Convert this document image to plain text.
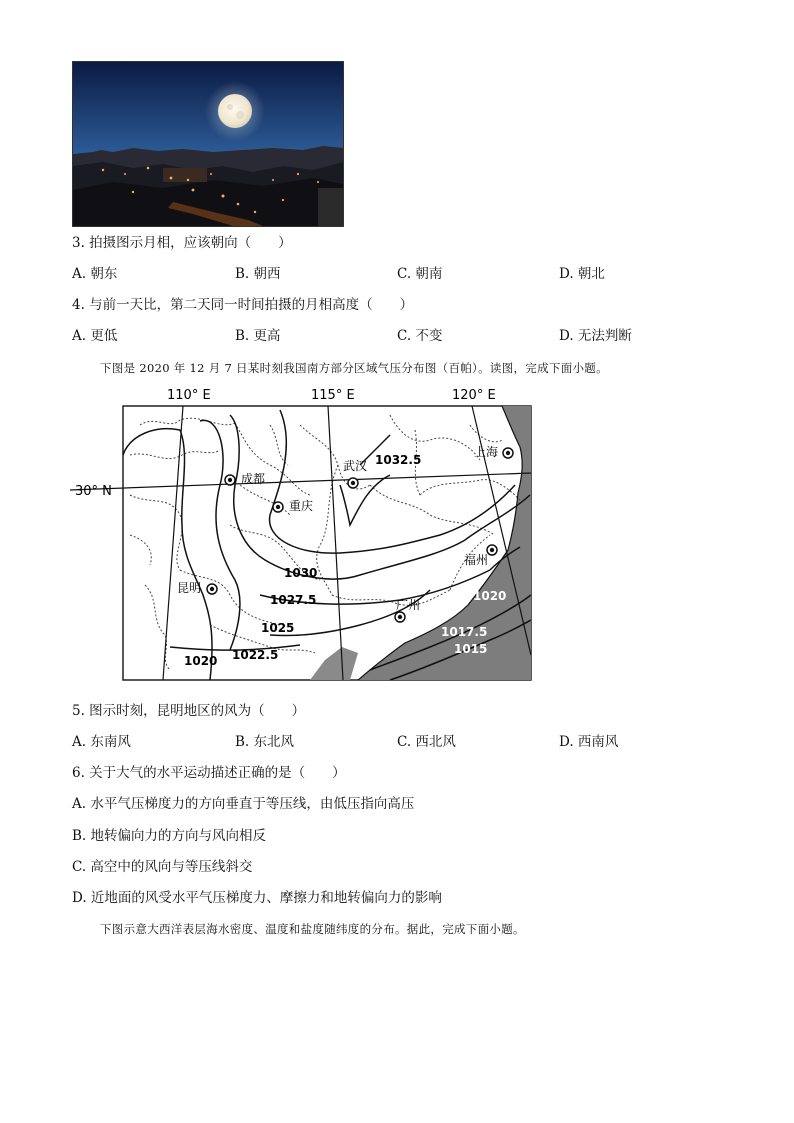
3. 拍摄图示月相，应该朝向（　　）
A. 朝东	B. 朝西	C. 朝南	D. 朝北
4. 与前一天比，第二天同一时间拍摄的月相高度（　　）
A. 更低	B. 更高	C. 不变	D. 无法判断
下图是 2020 年 12 月 7 日某时刻我国南方部分区域气压分布图（百帕）。读图，完成下面小题。
110° E	115° E	120° E
30° N
成都
重庆
武汉
上海
福州
昆明
广州
1032.5
1030
1027.5
1025
1022.5
1020
1020
1017.5
1015
5. 图示时刻，昆明地区的风为（　　）
A. 东南风	B. 东北风	C. 西北风	D. 西南风
6. 关于大气的水平运动描述正确的是（　　）
A. 水平气压梯度力的方向垂直于等压线，由低压指向高压
B. 地转偏向力的方向与风向相反
C. 高空中的风向与等压线斜交
D. 近地面的风受水平气压梯度力、摩擦力和地转偏向力的影响
下图示意大西洋表层海水密度、温度和盐度随纬度的分布。据此，完成下面小题。
